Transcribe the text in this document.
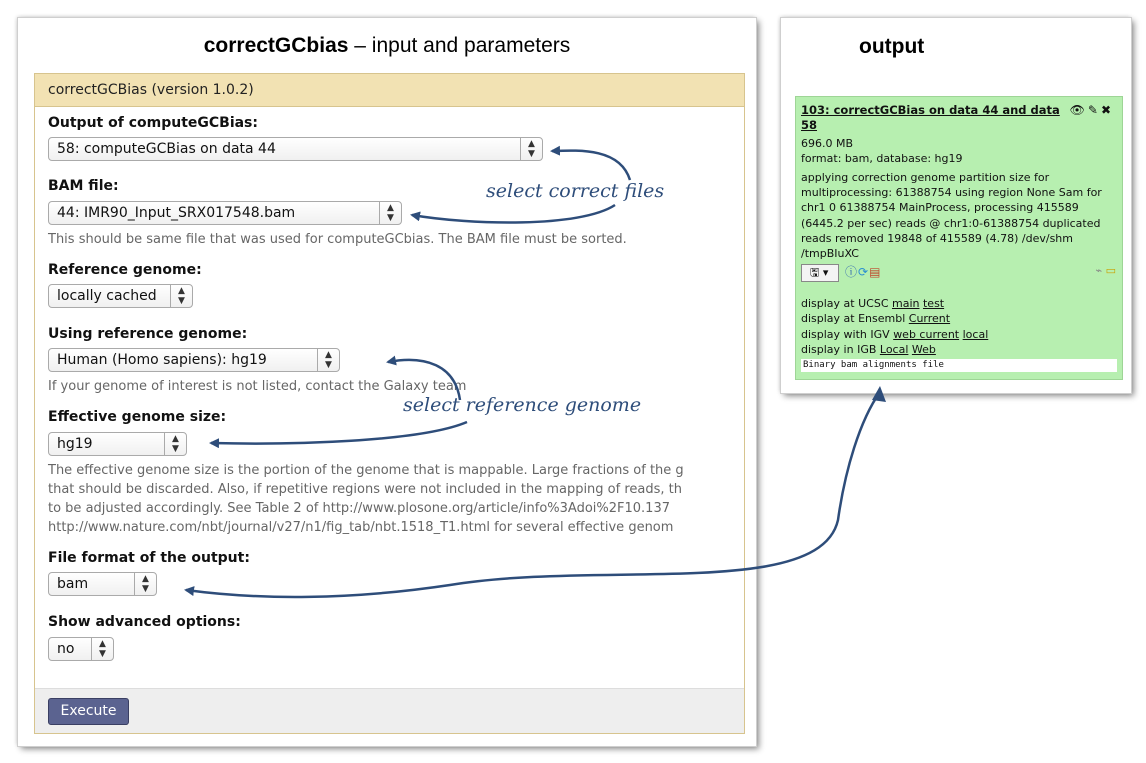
correctGCbias – input and parameters
correctGCBias (version 1.0.2)
Output of computeGCBias:
58: computeGCBias on data 44	▲
▼
BAM file:
44: IMR90_Input_SRX017548.bam	▲
▼
This should be same file that was used for computeGCbias. The BAM file must be sorted.
Reference genome:
locally cached	▲
▼
Using reference genome:
Human (Homo sapiens): hg19	▲
▼
If your genome of interest is not listed, contact the Galaxy team
Effective genome size:
hg19	▲
▼
The effective genome size is the portion of the genome that is mappable. Large fractions of the g
that should be discarded. Also, if repetitive regions were not included in the mapping of reads, th
to be adjusted accordingly. See Table 2 of http://www.plosone.org/article/info%3Adoi%2F10.137
http://www.nature.com/nbt/journal/v27/n1/fig_tab/nbt.1518_T1.html for several effective genom
File format of the output:
bam	▲
▼
Show advanced options:
no	▲
▼
Execute
output
103: correctGCBias on data 44 and data 58
👁✎✖
696.0 MB
format: bam, database: hg19
applying correction genome partition size for multiprocessing: 61388754 using region None Sam for chr1 0 61388754 MainProcess, processing 415589 (6445.2 per sec) reads @ chr1:0-61388754 duplicated reads removed 19848 of 415589 (4.78) /dev/shm /tmpBIuXC
🖫 ▾	ⓘ⟳▤	⌁ ▭
display at UCSC main test
display at Ensembl Current
display with IGV web current local
display in IGB Local Web
Binary bam alignments file
select correct files
select reference genome
